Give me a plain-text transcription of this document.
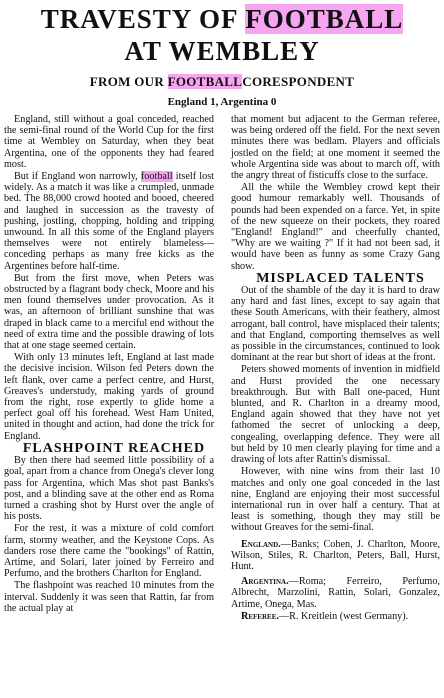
TRAVESTY OF FOOTBALL
AT WEMBLEY
FROM OUR FOOTBALLCORESPONDENT
England 1, Argentina 0

England, still without a goal conceded, reached the semi-final round of the World Cup for the first time at Wembley on Saturday, when they beat Argentina, one of the opponents they had feared most.

But if England won narrowly, football itself lost widely. As a match it was like a crumpled, unmade bed. The 88,000 crowd hooted and booed, cheered and laughed in succession as the travesty of pushing, jostling, chopping, holding and tripping unwound. In all this some of the England players themselves were not entirely blameless—conceding perhaps as many free kicks as the Argentines before half-time.

But from the first move, when Peters was obstructed by a flagrant body check, Moore and his men found themselves under provocation. As it was, an afternoon of brilliant sunshine that was draped in black came to a merciful end without the need of extra time and the possible drawing of lots that at one stage seemed certain.

With only 13 minutes left, England at last made the decisive incision. Wilson fed Peters down the left flank, over came a perfect centre, and Hurst, Greaves's understudy, making yards of ground from the right, rose expertly to glide home a perfect goal off his forehead. West Ham United, united in thought and action, had done the trick for England.

FLASHPOINT REACHED

By then there had seemed little possibility of a goal, apart from a chance from Onega's clever long pass for Argentina, which Mas shot past Banks's post, and a blinding save at the other end as Roma turned a crashing shot by Hurst over the angle of his posts.

For the rest, it was a mixture of cold comfort farm, stormy weather, and the Keystone Cops. As danders rose there came the "bookings" of Rattin, Artime, and Solari, later joined by Ferreiro and Perfumo, and the brothers Charlton for England.

The flashpoint was reached 10 minutes from the interval. Suddenly it was seen that Rattin, far from the actual play at

that moment but adjacent to the German referee, was being ordered off the field. For the next seven minutes there was bedlam. Players and officials jostled on the field; at one moment it seemed the whole Argentina side was about to march off, with the angry threat of fisticuffs close to the surface.

All the while the Wembley crowd kept their good humour remarkably well. Thousands of pounds had been expended on a farce. Yet, in spite of the new squeeze on their pockets, they roared "England! England!" and cheerfully chanted, "Why are we waiting ?" If it had not been sad, it would have been as funny as some Crazy Gang show.

MISPLACED TALENTS

Out of the shamble of the day it is hard to draw any hard and fast lines, except to say again that these South Americans, with their feathery, almost arrogant, ball control, have misplaced their talents; and that England, comporting themselves as well as possible in the circumstances, continued to look dominant at the rear but short of ideas at the front.

Peters showed moments of invention in midfield and Hurst provided the one necessary breakthrough. But with Ball one-paced, Hunt blunted, and R. Charlton in a dreamy mood, England again showed that they have not yet fathomed the secret of unlocking a deep, congealing, overlapping defence. They were all but held by 10 men clearly playing for time and a drawing of lots after Rattin's dismissal.

However, with nine wins from their last 10 matches and only one goal conceded in the last nine, England are enjoying their most successful international run in over half a century. That at least is something, though they may still be without Greaves for the semi-final.

England.—Banks; Cohen, J. Charlton, Moore, Wilson, Stiles, R. Charlton, Peters, Ball, Hurst, Hunt.

Argentina.—Roma; Ferreiro, Perfumo, Albrecht, Marzolini, Rattin, Solari, Gonzalez, Artime, Onega, Mas.

Referee.—R. Kreitlein (west Germany).
